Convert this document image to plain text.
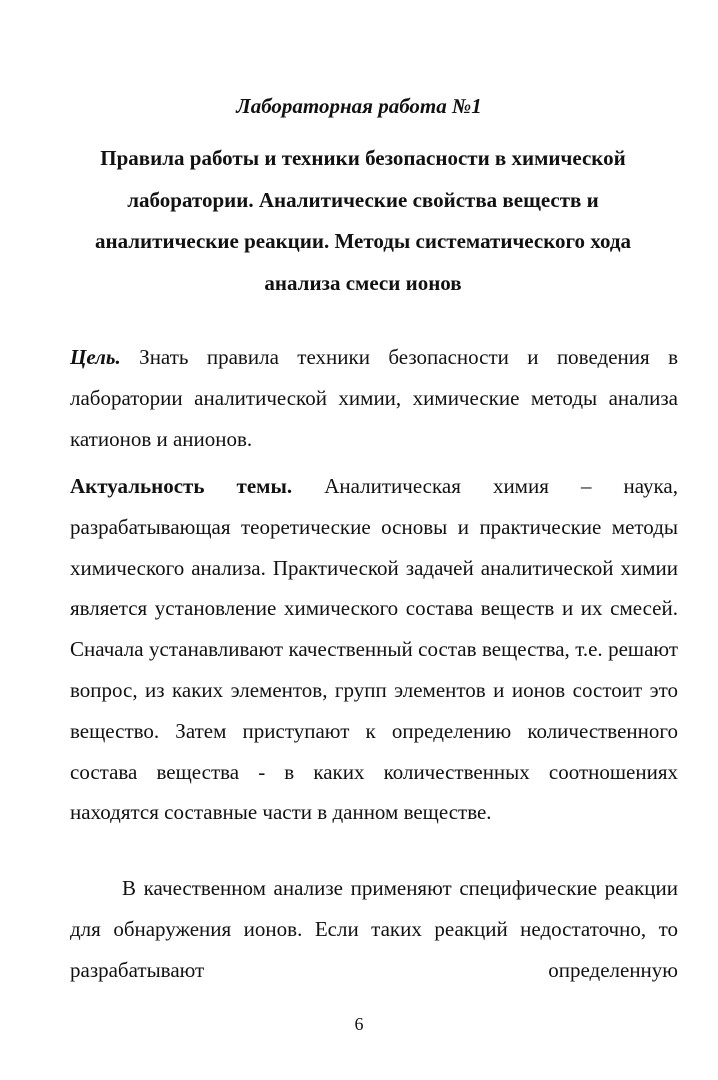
Лабораторная работа №1
Правила работы и техники безопасности в химической лаборатории. Аналитические свойства веществ и аналитические реакции. Методы систематического хода анализа смеси ионов

Цель. Знать правила техники безопасности и поведения в лаборатории аналитической химии, химические методы анализа катионов и анионов.

Актуальность темы. Аналитическая химия – наука, разрабатывающая теоретические основы и практические методы химического анализа. Практической задачей аналитической химии является установление химического состава веществ и их смесей. Сначала устанавливают качественный состав вещества, т.е. решают вопрос, из каких элементов, групп элементов и ионов состоит это вещество. Затем приступают к определению количественного состава вещества - в каких количественных соотношениях находятся составные части в данном веществе.

В качественном анализе применяют специфические реакции для обнаружения ионов. Если таких реакций недостаточно, то разрабатывают определенную

6
